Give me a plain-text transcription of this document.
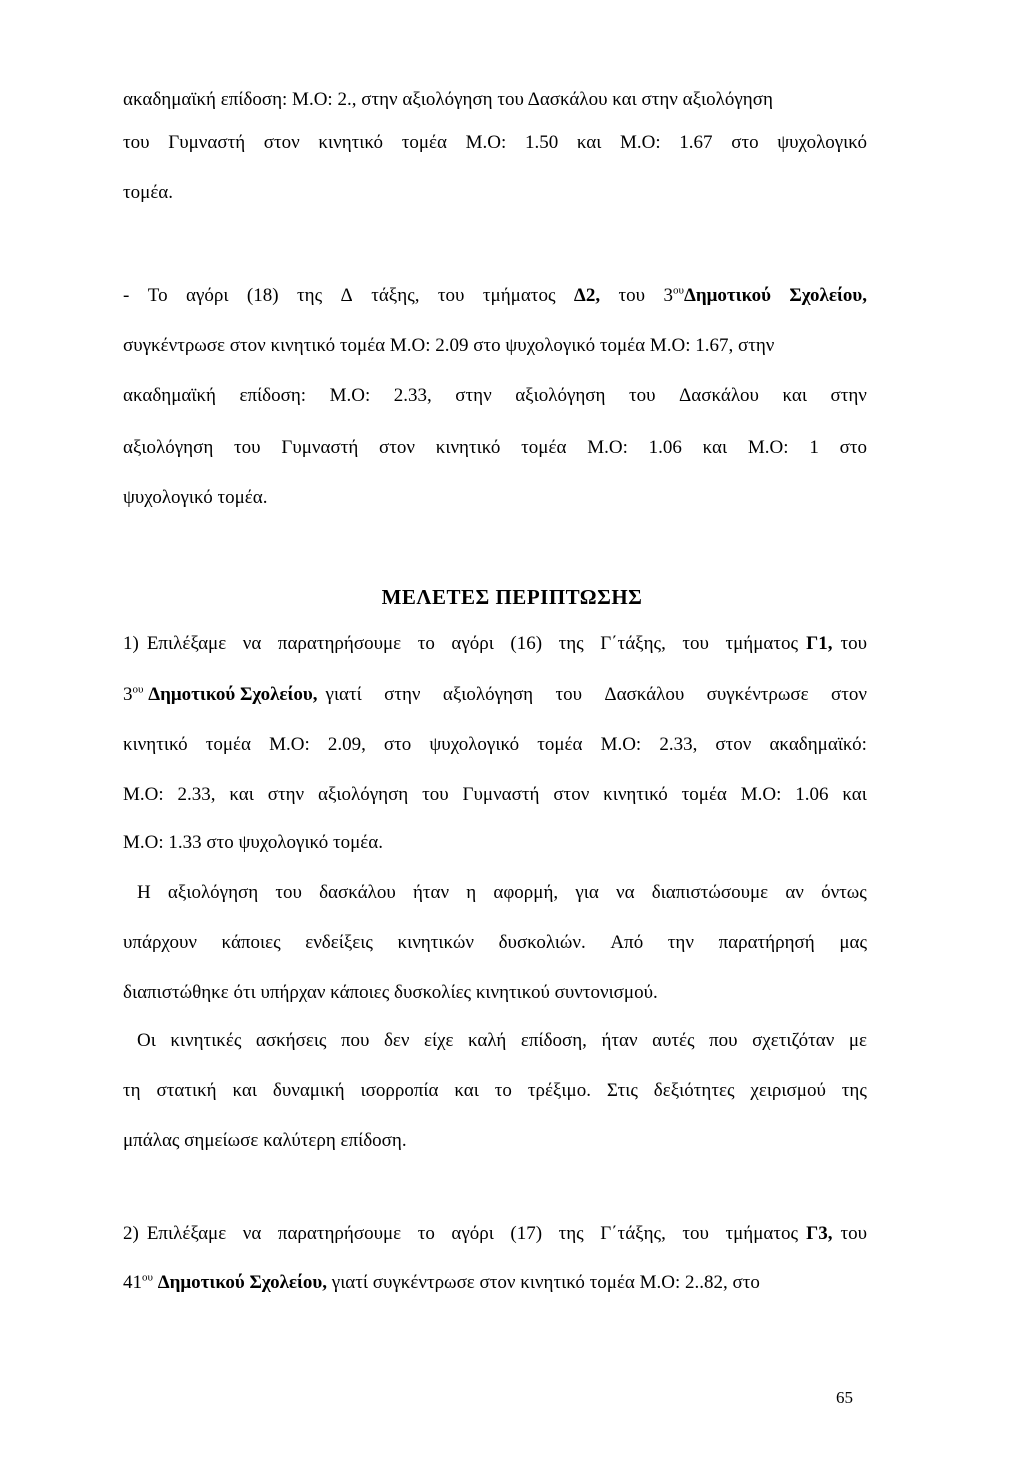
ακαδημαϊκή επίδοση: Μ.Ο: 2., στην αξιολόγηση του Δασκάλου και στην αξιολόγηση
του Γυμναστή στον κινητικό τομέα Μ.Ο: 1.50 και Μ.Ο: 1.67 στο ψυχολογικό
τομέα.
- Το αγόρι (18) της Δ τάξης, του τμήματος Δ2, του $3^{o\upsilon}\Delta\eta\mu o\tau\iota\kappa oύ$ Σχολείου,
συγκέντρωσε στον κινητικό τομέα Μ.Ο: 2.09 στο ψυχολογικό τομέα Μ.Ο: 1.67, στην
ακαδημαϊκή επίδοση: Μ.Ο: 2.33, στην αξιολόγηση του Δασκάλου και στην
αξιολόγηση του Γυμναστή στον κινητικό τομέα Μ.Ο: 1.06 και Μ.Ο: 1 στο
ψυχολογικό τομέα.
ΜΕΛΕΤΕΣ ΠΕΡΙΠΤΩΣΗΣ
1) Επιλέξαμε να παρατηρήσουμε το αγόρι (16) της Γ΄τάξης, του τμήματος Γ1, του
$3^{o\upsilon}$ Δημοτικού Σχολείου, γιατί στην αξιολόγηση του Δασκάλου συγκέντρωσε στον
κινητικό τομέα Μ.Ο: 2.09, στο ψυχολογικό τομέα Μ.Ο: 2.33, στον ακαδημαϊκό:
Μ.Ο: 2.33, και στην αξιολόγηση του Γυμναστή στον κινητικό τομέα Μ.Ο: 1.06 και
Μ.Ο: 1.33 στο ψυχολογικό τομέα.
Η αξιολόγηση του δασκάλου ήταν η αφορμή, για να διαπιστώσουμε αν όντως
υπάρχουν κάποιες ενδείξεις κινητικών δυσκολιών. Από την παρατήρησή μας
διαπιστώθηκε ότι υπήρχαν κάποιες δυσκολίες κινητικού συντονισμού.
Οι κινητικές ασκήσεις που δεν είχε καλή επίδοση, ήταν αυτές που σχετιζόταν με
τη στατική και δυναμική ισορροπία και το τρέξιμο. Στις δεξιότητες χειρισμού της
μπάλας σημείωσε καλύτερη επίδοση.
2) Επιλέξαμε να παρατηρήσουμε το αγόρι (17) της Γ΄τάξης, του τμήματος Γ3, του
$41^{o\upsilon}$ Δημοτικού Σχολείου, γιατί συγκέντρωσε στον κινητικό τομέα Μ.Ο: 2..82, στο
65
